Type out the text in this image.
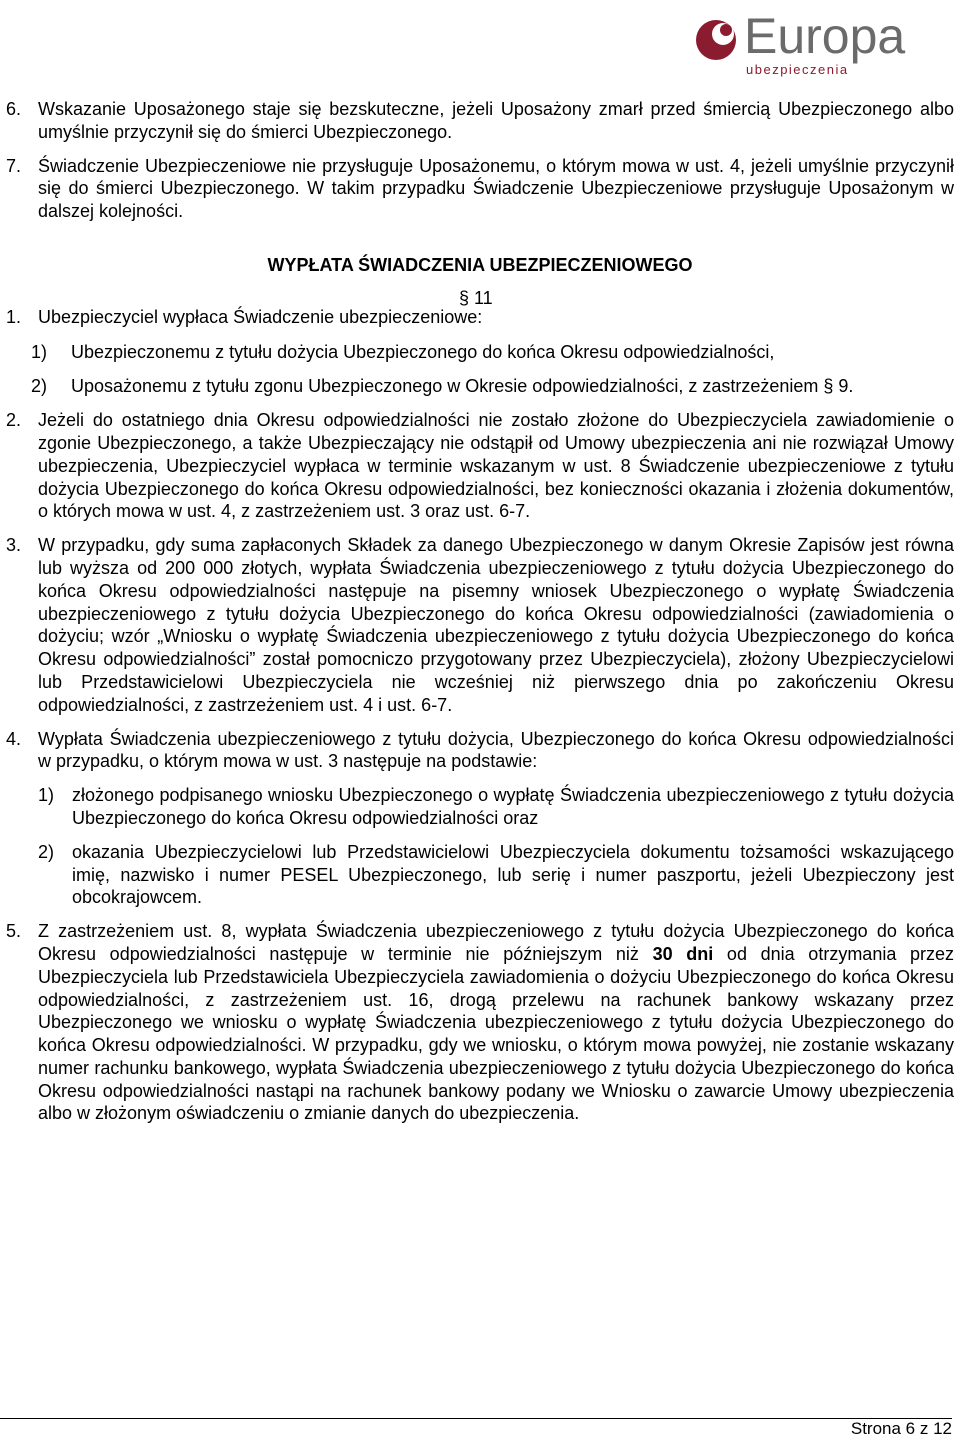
Europa
ubezpieczenia
6. Wskazanie Uposażonego staje się bezskuteczne, jeżeli Uposażony zmarł przed śmiercią Ubezpieczonego albo umyślnie przyczynił się do śmierci Ubezpieczonego.
7. Świadczenie Ubezpieczeniowe nie przysługuje Uposażonemu, o którym mowa w ust. 4, jeżeli umyślnie przyczynił się do śmierci Ubezpieczonego. W takim przypadku Świadczenie Ubezpieczeniowe przysługuje Uposażonym w dalszej kolejności.
WYPŁATA ŚWIADCZENIA UBEZPIECZENIOWEGO
§ 11
1. Ubezpieczyciel wypłaca Świadczenie ubezpieczeniowe:
1) Ubezpieczonemu z tytułu dożycia Ubezpieczonego do końca Okresu odpowiedzialności,
2) Uposażonemu z tytułu zgonu Ubezpieczonego w Okresie odpowiedzialności, z zastrzeżeniem § 9.
2. Jeżeli do ostatniego dnia Okresu odpowiedzialności nie zostało złożone do Ubezpieczyciela zawiadomienie o zgonie Ubezpieczonego, a także Ubezpieczający nie odstąpił od Umowy ubezpieczenia ani nie rozwiązał Umowy ubezpieczenia, Ubezpieczyciel wypłaca w terminie wskazanym w ust. 8 Świadczenie ubezpieczeniowe z tytułu dożycia Ubezpieczonego do końca Okresu odpowiedzialności, bez konieczności okazania i złożenia dokumentów, o których mowa w ust. 4, z zastrzeżeniem ust. 3 oraz ust. 6-7.
3. W przypadku, gdy suma zapłaconych Składek za danego Ubezpieczonego w danym Okresie Zapisów jest równa lub wyższa od 200 000 złotych, wypłata Świadczenia ubezpieczeniowego z tytułu dożycia Ubezpieczonego do końca Okresu odpowiedzialności następuje na pisemny wniosek Ubezpieczonego o wypłatę Świadczenia ubezpieczeniowego z tytułu dożycia Ubezpieczonego do końca Okresu odpowiedzialności (zawiadomienia o dożyciu; wzór „Wniosku o wypłatę Świadczenia ubezpieczeniowego z tytułu dożycia Ubezpieczonego do końca Okresu odpowiedzialności” został pomocniczo przygotowany przez Ubezpieczyciela), złożony Ubezpieczycielowi lub Przedstawicielowi Ubezpieczyciela nie wcześniej niż pierwszego dnia po zakończeniu Okresu odpowiedzialności, z zastrzeżeniem ust. 4 i ust. 6-7.
4. Wypłata Świadczenia ubezpieczeniowego z tytułu dożycia, Ubezpieczonego do końca Okresu odpowiedzialności w przypadku, o którym mowa w ust. 3 następuje na podstawie:
1) złożonego podpisanego wniosku Ubezpieczonego o wypłatę Świadczenia ubezpieczeniowego z tytułu dożycia Ubezpieczonego do końca Okresu odpowiedzialności oraz
2) okazania Ubezpieczycielowi lub Przedstawicielowi Ubezpieczyciela dokumentu tożsamości wskazującego imię, nazwisko i numer PESEL Ubezpieczonego, lub serię i numer paszportu, jeżeli Ubezpieczony jest obcokrajowcem.
5. Z zastrzeżeniem ust. 8, wypłata Świadczenia ubezpieczeniowego z tytułu dożycia Ubezpieczonego do końca Okresu odpowiedzialności następuje w terminie nie późniejszym niż 30 dni od dnia otrzymania przez Ubezpieczyciela lub Przedstawiciela Ubezpieczyciela zawiadomienia o dożyciu Ubezpieczonego do końca Okresu odpowiedzialności, z zastrzeżeniem ust. 16, drogą przelewu na rachunek bankowy wskazany przez Ubezpieczonego we wniosku o wypłatę Świadczenia ubezpieczeniowego z tytułu dożycia Ubezpieczonego do końca Okresu odpowiedzialności. W przypadku, gdy we wniosku, o którym mowa powyżej, nie zostanie wskazany numer rachunku bankowego, wypłata Świadczenia ubezpieczeniowego z tytułu dożycia Ubezpieczonego do końca Okresu odpowiedzialności nastąpi na rachunek bankowy podany we Wniosku o zawarcie Umowy ubezpieczenia albo w złożonym oświadczeniu o zmianie danych do ubezpieczenia.
Strona 6 z 12
